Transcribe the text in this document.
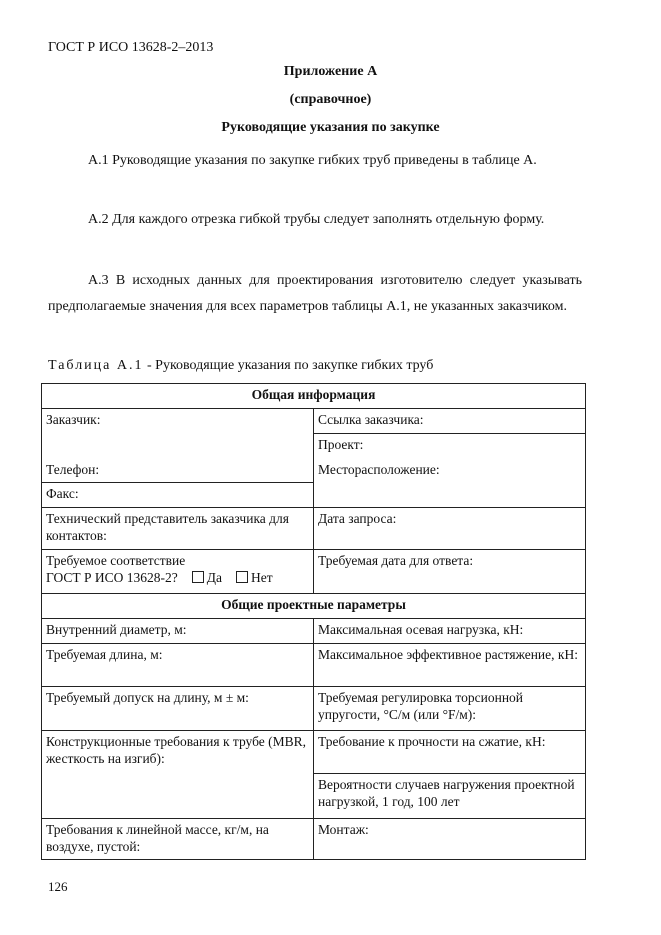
ГОСТ Р ИСО 13628-2–2013
Приложение А
(справочное)
Руководящие указания по закупке
А.1 Руководящие указания по закупке гибких труб приведены в таблице А.
А.2 Для каждого отрезка гибкой трубы следует заполнять отдельную форму.
А.3 В исходных данных для проектирования изготовителю следует указывать предполагаемые значения для всех параметров таблицы А.1, не указанных заказчиком.
Таблица А.1 - Руководящие указания по закупке гибких труб
Общая информация	
Заказчик:	Ссылка заказчика:
	Проект:
Телефон:	Месторасположение:
Факс:	
Технический представитель заказчика для контактов:	Дата запроса:

Требуемое соответствие
ГОСТ Р ИСО 13628-2? Да Нет	Требуемая дата для ответа:
Общие проектные параметры	
Внутренний диаметр, м:	Максимальная осевая нагрузка, кН:
Требуемая длина, м:	Максимальное эффективное растяжение, кН:
Требуемый допуск на длину, м ± м:	Требуемая регулировка торсионной упругости, °С/м (или °F/м):
Конструкционные требования к трубе (MBR, жесткость на изгиб):	Требование к прочности на сжатие, кН:
	Вероятности случаев нагружения проектной нагрузкой, 1 год, 100 лет
Требования к линейной массе, кг/м, на воздухе, пустой:	Монтаж:
126
